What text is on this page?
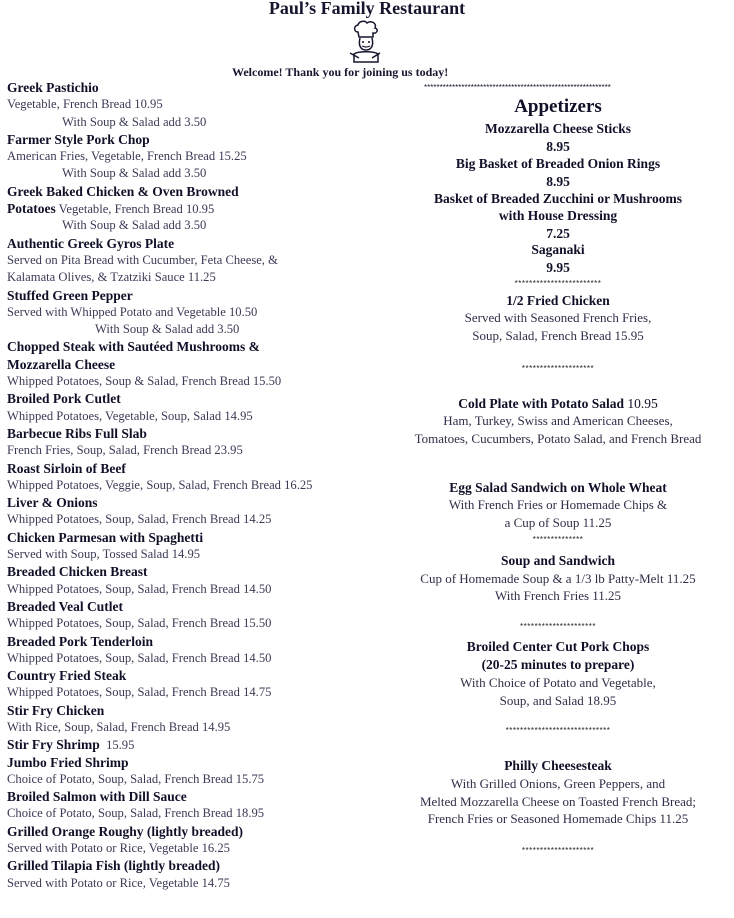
Paul’s Family Restaurant
Welcome! Thank you for joining us today!
************************************************************
Greek Pastichio
Vegetable, French Bread 10.95
With Soup & Salad add 3.50
Farmer Style Pork Chop
American Fries, Vegetable, French Bread 15.25
With Soup & Salad add 3.50
Greek Baked Chicken & Oven Browned
Potatoes Vegetable, French Bread 10.95
With Soup & Salad add 3.50
Authentic Greek Gyros Plate
Served on Pita Bread with Cucumber, Feta Cheese, &
Kalamata Olives, & Tzatziki Sauce 11.25
Stuffed Green Pepper
Served with Whipped Potato and Vegetable 10.50
With Soup & Salad add 3.50
Chopped Steak with Sautéed Mushrooms &
Mozzarella Cheese
Whipped Potatoes, Soup & Salad, French Bread 15.50
Broiled Pork Cutlet
Whipped Potatoes, Vegetable, Soup, Salad 14.95
Barbecue Ribs Full Slab
French Fries, Soup, Salad, French Bread 23.95
Roast Sirloin of Beef
Whipped Potatoes, Veggie, Soup, Salad, French Bread 16.25
Liver & Onions
Whipped Potatoes, Soup, Salad, French Bread 14.25
Chicken Parmesan with Spaghetti
Served with Soup, Tossed Salad 14.95
Breaded Chicken Breast
Whipped Potatoes, Soup, Salad, French Bread 14.50
Breaded Veal Cutlet
Whipped Potatoes, Soup, Salad, French Bread 15.50
Breaded Pork Tenderloin
Whipped Potatoes, Soup, Salad, French Bread 14.50
Country Fried Steak
Whipped Potatoes, Soup, Salad, French Bread 14.75
Stir Fry Chicken
With Rice, Soup, Salad, French Bread 14.95
Stir Fry Shrimp  15.95
Jumbo Fried Shrimp
Choice of Potato, Soup, Salad, French Bread 15.75
Broiled Salmon with Dill Sauce
Choice of Potato, Soup, Salad, French Bread 18.95
Grilled Orange Roughy (lightly breaded)
Served with Potato or Rice, Vegetable 16.25
Grilled Tilapia Fish (lightly breaded)
Served with Potato or Rice, Vegetable 14.75
Appetizers
Mozzarella Cheese Sticks
8.95
Big Basket of Breaded Onion Rings
8.95
Basket of Breaded Zucchini or Mushrooms
with House Dressing
7.25
Saganaki
9.95
************************
1/2 Fried Chicken
Served with Seasoned French Fries,
Soup, Salad, French Bread 15.95
********************
Cold Plate with Potato Salad 10.95
Ham, Turkey, Swiss and American Cheeses,
Tomatoes, Cucumbers, Potato Salad, and French Bread
Egg Salad Sandwich on Whole Wheat
With French Fries or Homemade Chips &
a Cup of Soup 11.25
**************
Soup and Sandwich
Cup of Homemade Soup & a 1/3 lb Patty-Melt 11.25
With French Fries 11.25
*********************
Broiled Center Cut Pork Chops
(20-25 minutes to prepare)
With Choice of Potato and Vegetable,
Soup, and Salad 18.95
*****************************
Philly Cheesesteak
With Grilled Onions, Green Peppers, and
Melted Mozzarella Cheese on Toasted French Bread;
French Fries or Seasoned Homemade Chips 11.25
********************
